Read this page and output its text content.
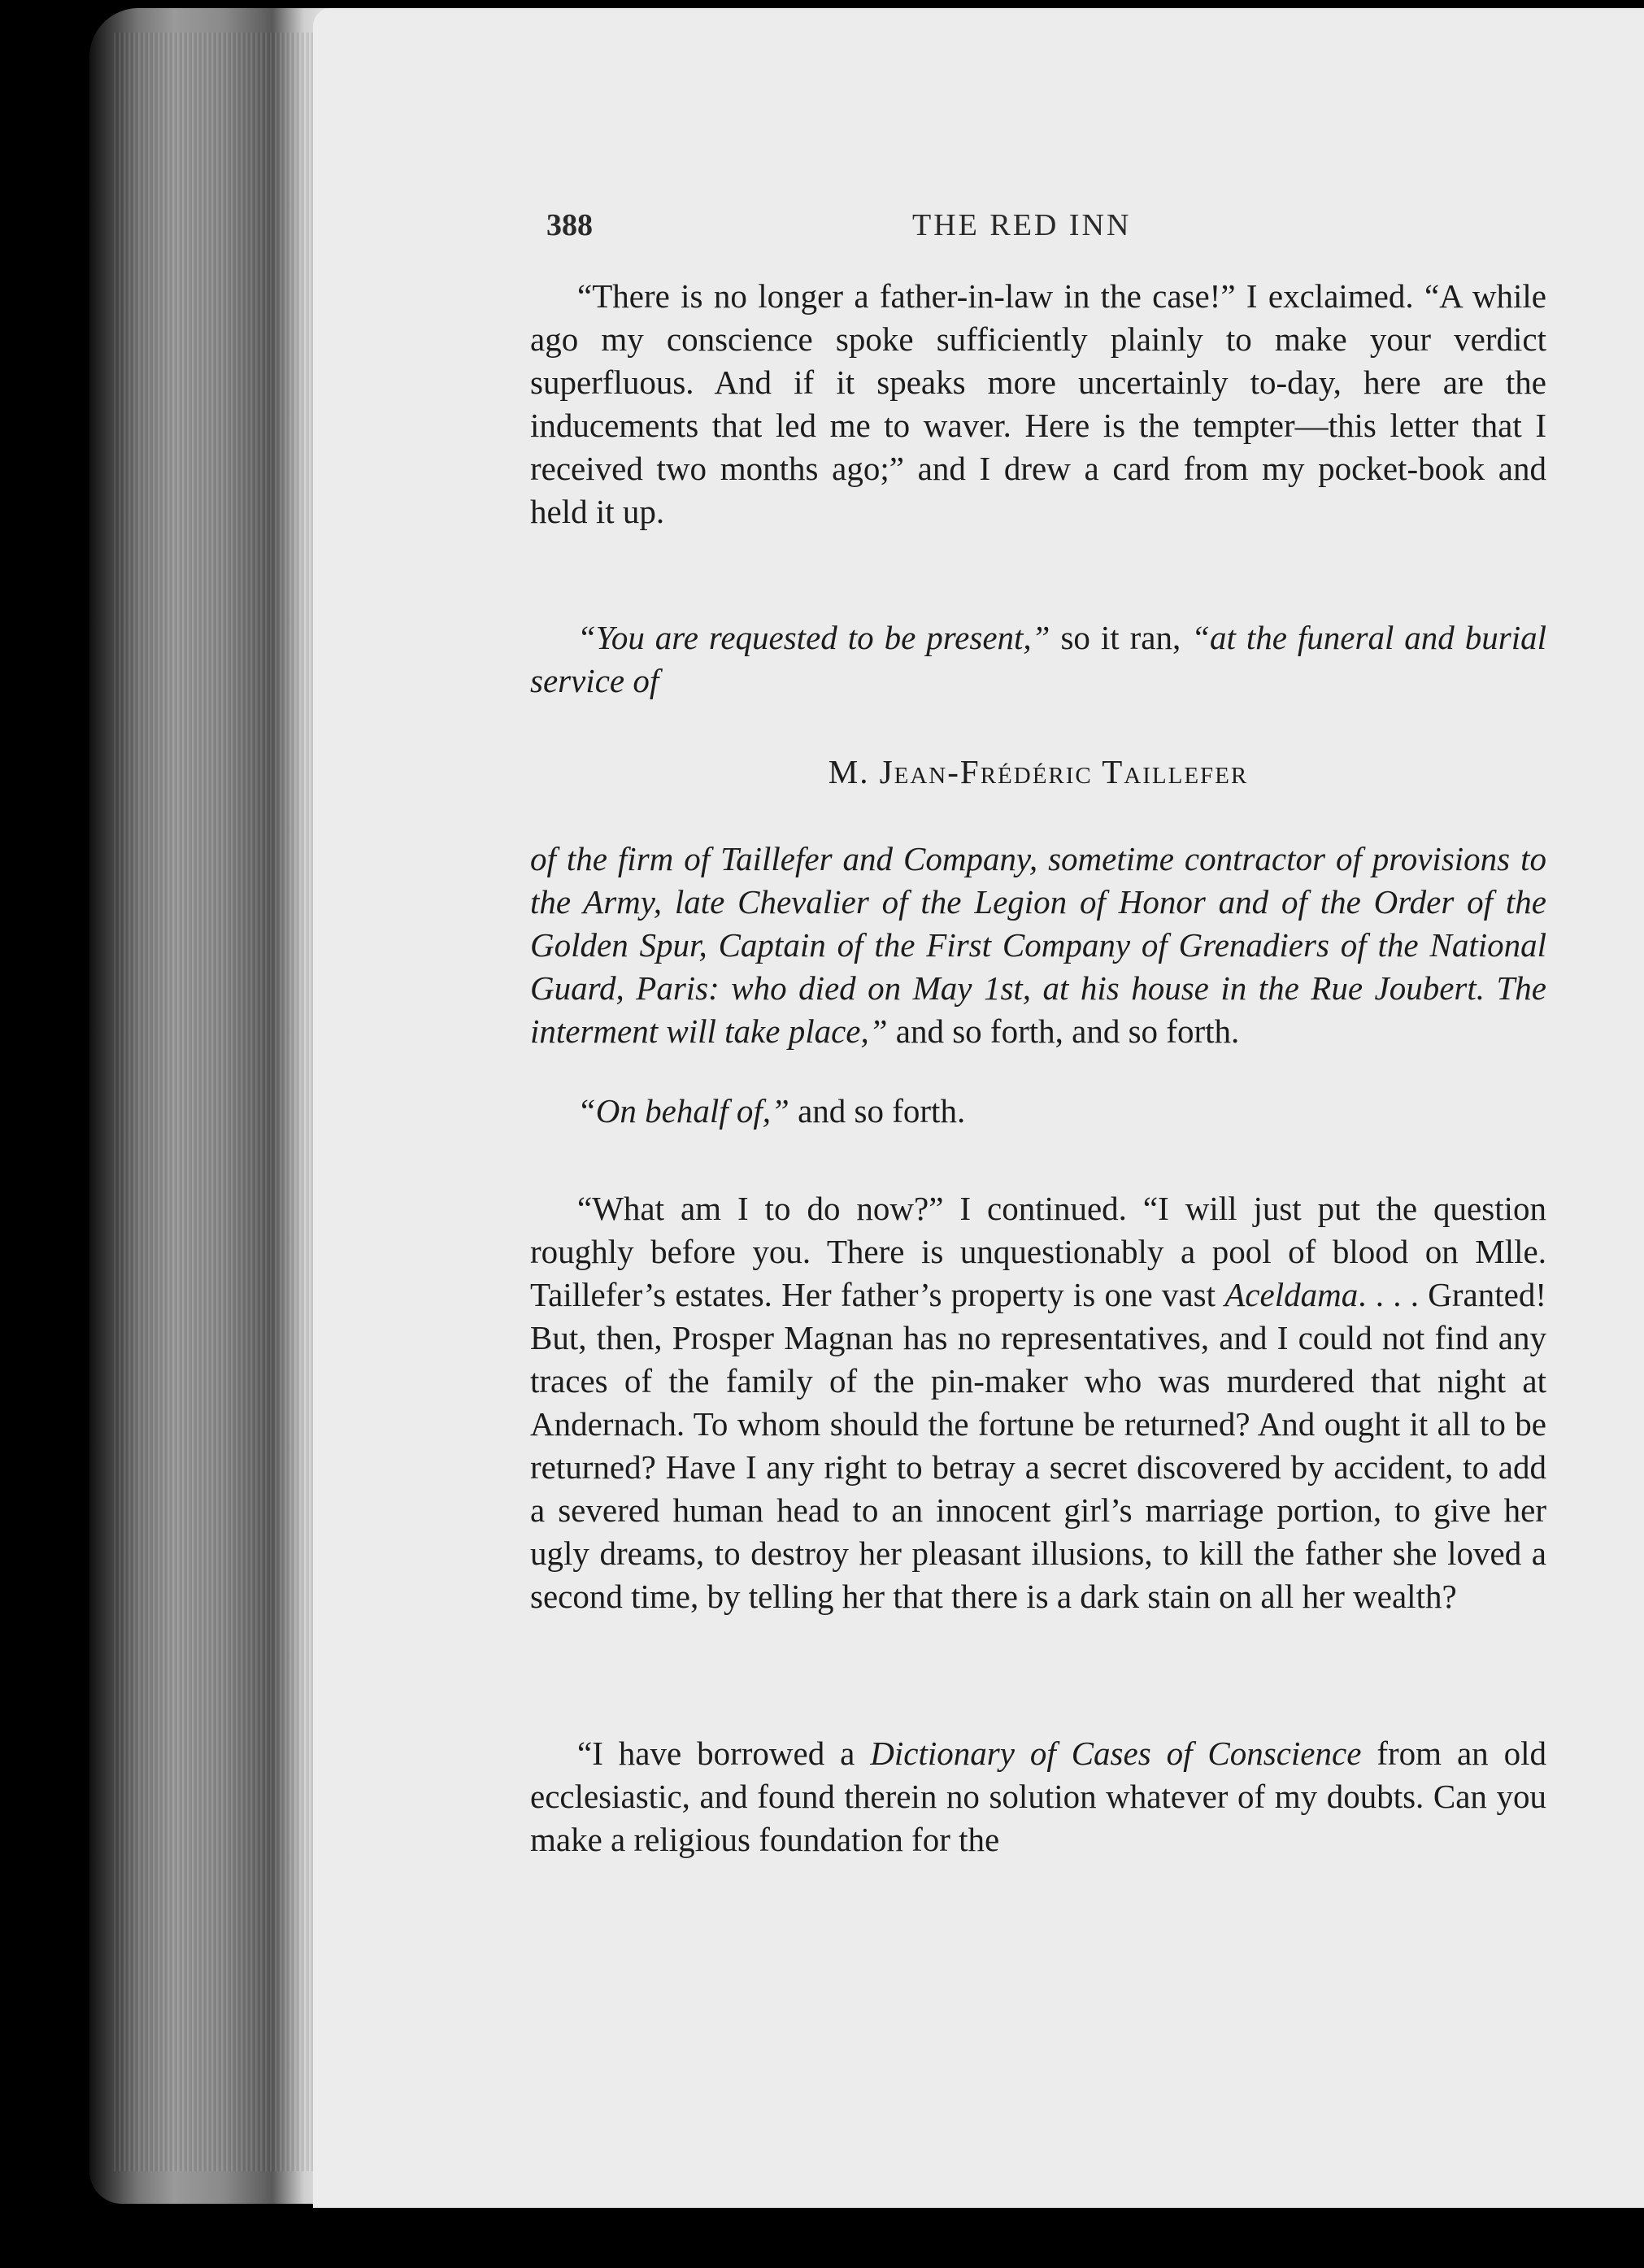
388	THE RED INN
“There is no longer a father-in-law in the case!” I exclaimed. “A while ago my conscience spoke sufficiently plainly to make your verdict superfluous. And if it speaks more uncertainly to-day, here are the inducements that led me to waver. Here is the tempter—this letter that I received two months ago;” and I drew a card from my pocket-book and held it up.
“You are requested to be present,” so it ran, “at the funeral and burial service of
M. Jean-Frédéric Taillefer
of the firm of Taillefer and Company, sometime contractor of provisions to the Army, late Chevalier of the Legion of Honor and of the Order of the Golden Spur, Captain of the First Company of Grenadiers of the National Guard, Paris: who died on May 1st, at his house in the Rue Joubert. The interment will take place,” and so forth, and so forth.
“On behalf of,” and so forth.
“What am I to do now?” I continued. “I will just put the question roughly before you. There is unquestionably a pool of blood on Mlle. Taillefer’s estates. Her father’s property is one vast Aceldama. . . . Granted! But, then, Prosper Magnan has no representatives, and I could not find any traces of the family of the pin-maker who was murdered that night at Andernach. To whom should the fortune be returned? And ought it all to be returned? Have I any right to betray a secret discovered by accident, to add a severed human head to an innocent girl’s marriage portion, to give her ugly dreams, to destroy her pleasant illusions, to kill the father she loved a second time, by telling her that there is a dark stain on all her wealth?
“I have borrowed a Dictionary of Cases of Conscience from an old ecclesiastic, and found therein no solution whatever of my doubts. Can you make a religious foundation for the
